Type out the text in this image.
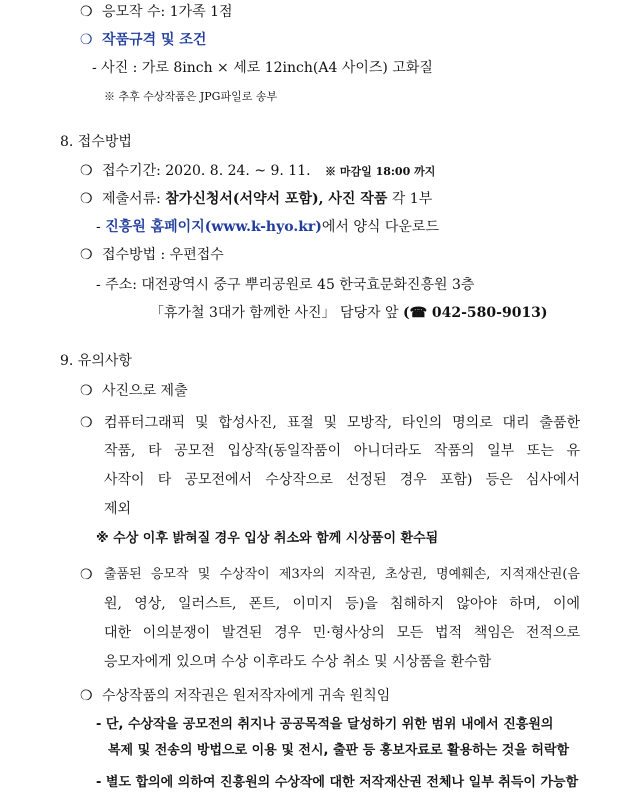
❍ 응모작 수: 1가족 1점
❍ 작품규격 및 조건
- 사진 : 가로 8inch × 세로 12inch(A4 사이즈) 고화질
※ 추후 수상작품은 JPG파일로 송부
8. 접수방법
❍ 접수기간: 2020. 8. 24. ~ 9. 11. ※ 마감일 18:00 까지
❍ 제출서류: 참가신청서(서약서 포함), 사진 작품 각 1부
- 진흥원 홈페이지(www.k-hyo.kr)에서 양식 다운로드
❍ 접수방법 : 우편접수
- 주소: 대전광역시 중구 뿌리공원로 45 한국효문화진흥원 3층
「휴가철 3대가 함께한 사진」 담당자 앞 (☎ 042-580-9013)
9. 유의사항
❍ 사진으로 제출
❍ 컴퓨터그래픽 및 합성사진, 표절 및 모방작, 타인의 명의로 대리 출품한
작품, 타 공모전 입상작(동일작품이 아니더라도 작품의 일부 또는 유
사작이 타 공모전에서 수상작으로 선정된 경우 포함) 등은 심사에서
제외
※ 수상 이후 밝혀질 경우 입상 취소와 함께 시상품이 환수됨
❍ 출품된 응모작 및 수상작이 제3자의 지작권, 초상권, 명예훼손, 지적재산권(음
원, 영상, 일러스트, 폰트, 이미지 등)을 침해하지 않아야 하며, 이에
대한 이의분쟁이 발견된 경우 민·형사상의 모든 법적 책임은 전적으로
응모자에게 있으며 수상 이후라도 수상 취소 및 시상품을 환수함
❍ 수상작품의 저작권은 원저작자에게 귀속 원칙임
- 단, 수상작을 공모전의 취지나 공공목적을 달성하기 위한 범위 내에서 진흥원의
복제 및 전송의 방법으로 이용 및 전시, 출판 등 홍보자료로 활용하는 것을 허락함
- 별도 합의에 의하여 진흥원의 수상작에 대한 저작재산권 전체나 일부 취득이 가능함
